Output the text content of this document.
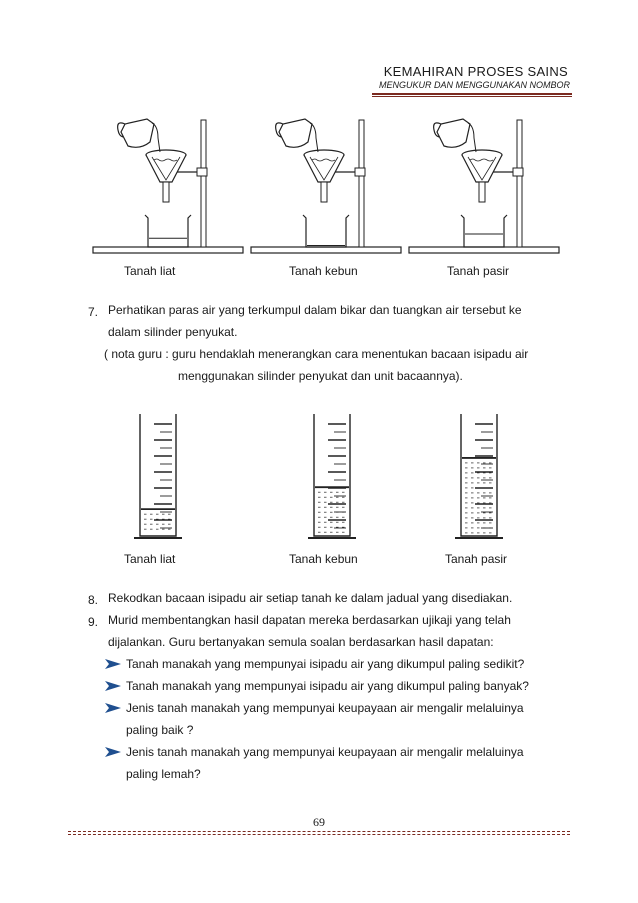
KEMAHIRAN PROSES SAINS
MENGUKUR DAN MENGGUNAKAN NOMBOR
Tanah liat	Tanah kebun	Tanah pasir
7. Perhatikan paras air yang terkumpul dalam bikar dan tuangkan air tersebut ke
dalam silinder penyukat.
( nota guru : guru hendaklah menerangkan cara menentukan bacaan isipadu air
menggunakan silinder penyukat dan unit bacaannya).
Tanah liat	Tanah kebun	Tanah pasir
8. Rekodkan bacaan isipadu air setiap tanah ke dalam jadual yang disediakan.
9. Murid membentangkan hasil dapatan mereka berdasarkan ujikaji yang telah
dijalankan. Guru bertanyakan semula soalan berdasarkan hasil dapatan:
Tanah manakah yang mempunyai isipadu air yang dikumpul paling sedikit?
Tanah manakah yang mempunyai isipadu air yang dikumpul paling banyak?
Jenis tanah manakah yang mempunyai keupayaan air mengalir melaluinya
paling baik ?
Jenis tanah manakah yang mempunyai keupayaan air mengalir melaluinya
paling lemah?
69
